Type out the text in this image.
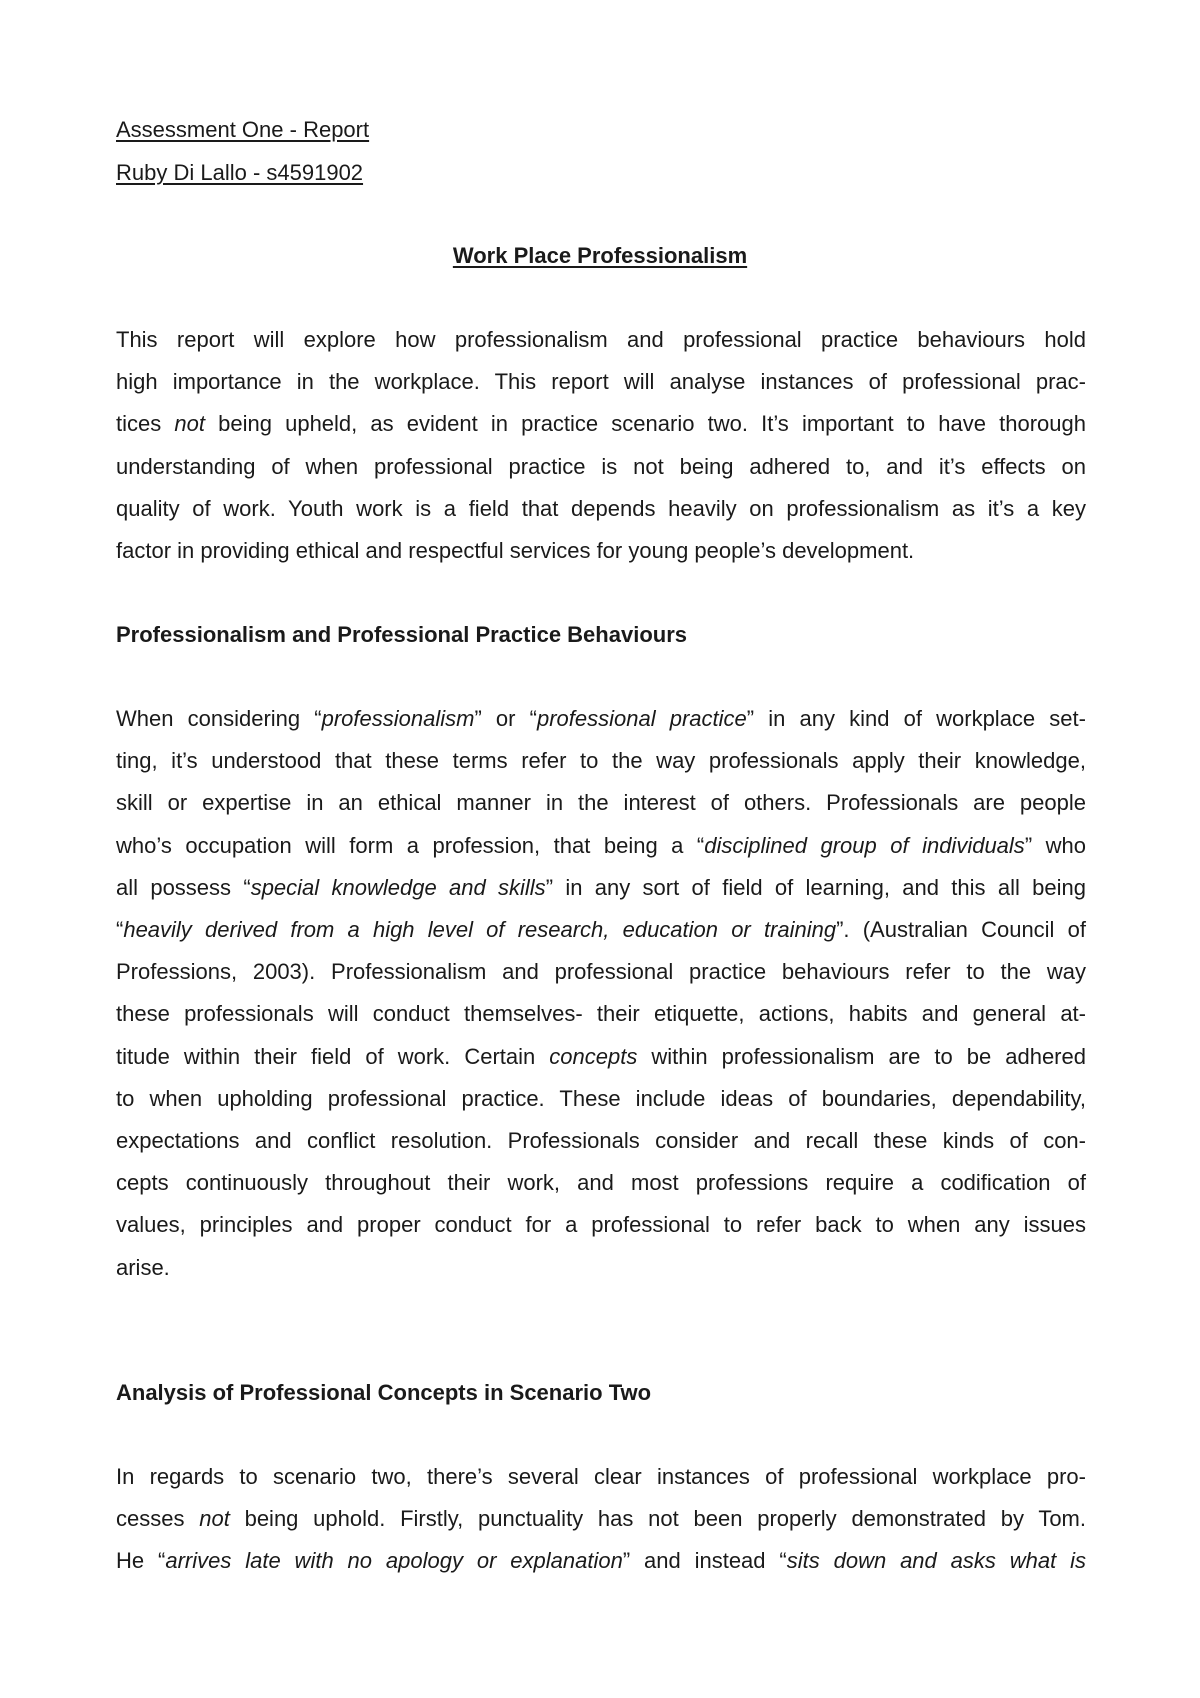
Assessment One - Report
Ruby Di Lallo - s4591902
Work Place Professionalism
This report will explore how professionalism and professional practice behaviours hold
high importance in the workplace. This report will analyse instances of professional prac-
tices not being upheld, as evident in practice scenario two. It’s important to have thorough
understanding of when professional practice is not being adhered to, and it’s effects on
quality of work. Youth work is a field that depends heavily on professionalism as it’s a key
factor in providing ethical and respectful services for young people’s development.
Professionalism and Professional Practice Behaviours
When considering “professionalism” or “professional practice” in any kind of workplace set-
ting, it’s understood that these terms refer to the way professionals apply their knowledge,
skill or expertise in an ethical manner in the interest of others. Professionals are people
who’s occupation will form a profession, that being a “disciplined group of individuals” who
all possess “special knowledge and skills” in any sort of field of learning, and this all being
“heavily derived from a high level of research, education or training”. (Australian Council of
Professions, 2003). Professionalism and professional practice behaviours refer to the way
these professionals will conduct themselves- their etiquette, actions, habits and general at-
titude within their field of work. Certain concepts within professionalism are to be adhered
to when upholding professional practice. These include ideas of boundaries, dependability,
expectations and conflict resolution. Professionals consider and recall these kinds of con-
cepts continuously throughout their work, and most professions require a codification of
values, principles and proper conduct for a professional to refer back to when any issues
arise.
Analysis of Professional Concepts in Scenario Two
In regards to scenario two, there’s several clear instances of professional workplace pro-
cesses not being uphold. Firstly, punctuality has not been properly demonstrated by Tom.
He “arrives late with no apology or explanation” and instead “sits down and asks what is
